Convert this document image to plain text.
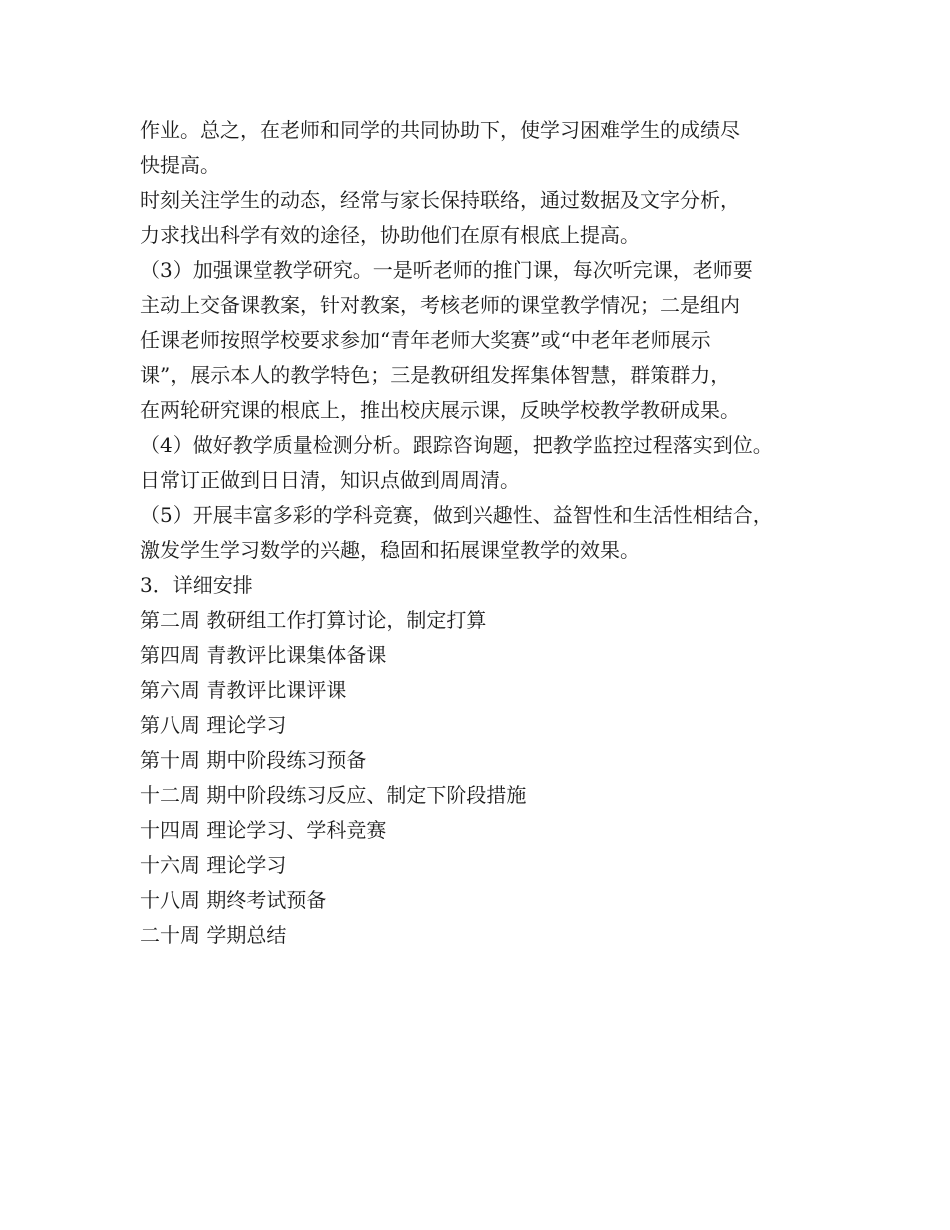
作业。总之，在老师和同学的共同协助下，使学习困难学生的成绩尽
快提高。
时刻关注学生的动态，经常与家长保持联络，通过数据及文字分析，
力求找出科学有效的途径，协助他们在原有根底上提高。
（3）加强课堂教学研究。一是听老师的推门课，每次听完课，老师要
主动上交备课教案，针对教案，考核老师的课堂教学情况；二是组内
任课老师按照学校要求参加“青年老师大奖赛”或“中老年老师展示
课”，展示本人的教学特色；三是教研组发挥集体智慧，群策群力，
在两轮研究课的根底上，推出校庆展示课，反映学校教学教研成果。
（4）做好教学质量检测分析。跟踪咨询题，把教学监控过程落实到位。
日常订正做到日日清，知识点做到周周清。
（5）开展丰富多彩的学科竞赛，做到兴趣性、益智性和生活性相结合，
激发学生学习数学的兴趣，稳固和拓展课堂教学的效果。
3．详细安排
第二周 教研组工作打算讨论，制定打算
第四周 青教评比课集体备课
第六周 青教评比课评课
第八周 理论学习
第十周 期中阶段练习预备
十二周 期中阶段练习反应、制定下阶段措施
十四周 理论学习、学科竞赛
十六周 理论学习
十八周 期终考试预备
二十周 学期总结
